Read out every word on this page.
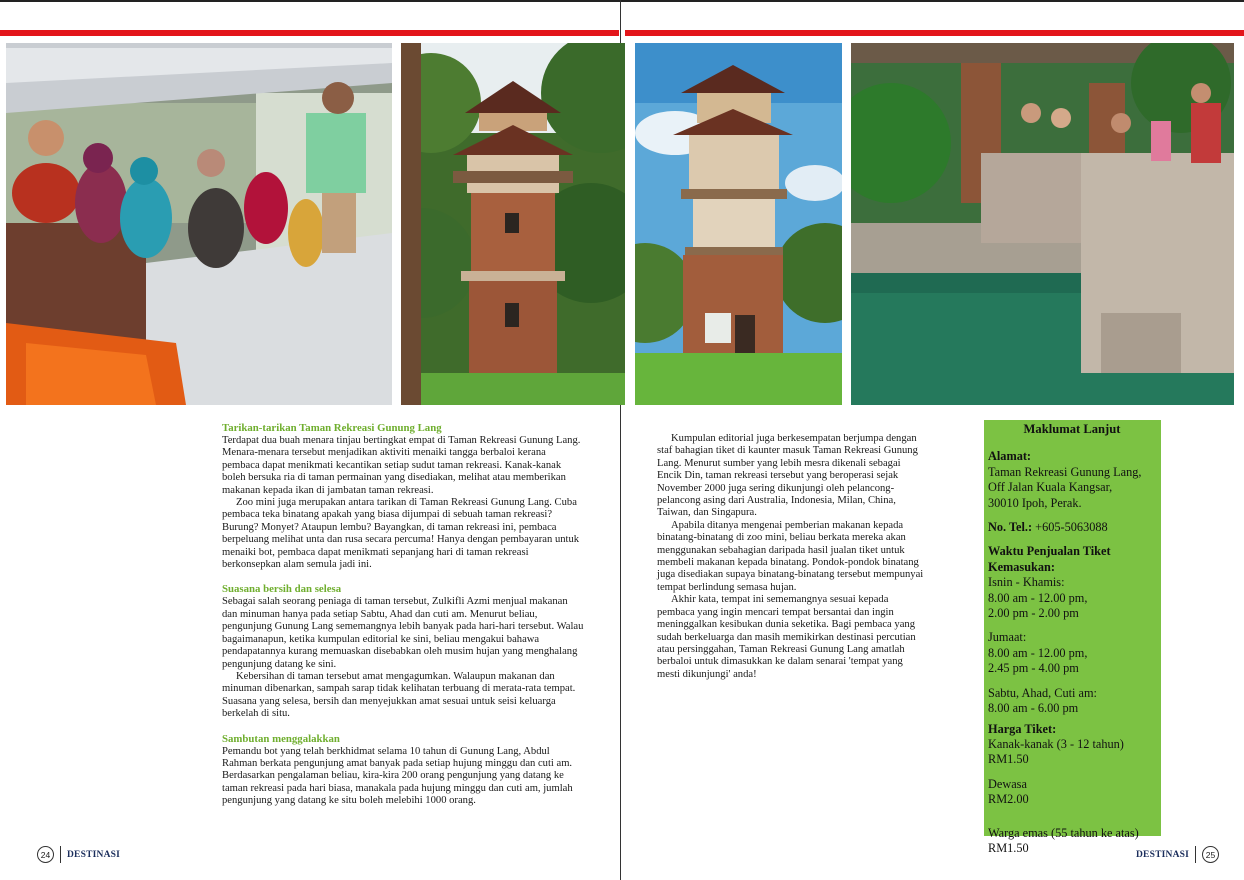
Tarikan-tarikan Taman Rekreasi Gunung Lang

Terdapat dua buah menara tinjau bertingkat empat di Taman Rekreasi Gunung Lang. Menara-menara tersebut menjadikan aktiviti menaiki tangga berbaloi kerana pembaca dapat menikmati kecantikan setiap sudut taman rekreasi. Kanak-kanak boleh bersuka ria di taman permainan yang disediakan, melihat atau memberikan makanan kepada ikan di jambatan taman rekreasi.

Zoo mini juga merupakan antara tarikan di Taman Rekreasi Gunung Lang. Cuba pembaca teka binatang apakah yang biasa dijumpai di sebuah taman rekreasi? Burung? Monyet? Ataupun lembu? Bayangkan, di taman rekreasi ini, pembaca berpeluang melihat unta dan rusa secara percuma! Hanya dengan pembayaran untuk menaiki bot, pembaca dapat menikmati sepanjang hari di taman rekreasi berkonsepkan alam semula jadi ini.

Suasana bersih dan selesa

Sebagai salah seorang peniaga di taman tersebut, Zulkifli Azmi menjual makanan dan minuman hanya pada setiap Sabtu, Ahad dan cuti am. Menurut beliau, pengunjung Gunung Lang sememangnya lebih banyak pada hari-hari tersebut. Walau bagaimanapun, ketika kumpulan editorial ke sini, beliau mengakui bahawa pendapatannya kurang memuaskan disebabkan oleh musim hujan yang menghalang pengunjung datang ke sini.

Kebersihan di taman tersebut amat mengagumkan. Walaupun makanan dan minuman dibenarkan, sampah sarap tidak kelihatan terbuang di merata-rata tempat. Suasana yang selesa, bersih dan menyejukkan amat sesuai untuk seisi keluarga berkelah di situ.

Sambutan menggalakkan

Pemandu bot yang telah berkhidmat selama 10 tahun di Gunung Lang, Abdul Rahman berkata pengunjung amat banyak pada setiap hujung minggu dan cuti am. Berdasarkan pengalaman beliau, kira-kira 200 orang pengunjung yang datang ke taman rekreasi pada hari biasa, manakala pada hujung minggu dan cuti am, jumlah pengunjung yang datang ke situ boleh melebihi 1000 orang.

Kumpulan editorial juga berkesempatan berjumpa dengan staf bahagian tiket di kaunter masuk Taman Rekreasi Gunung Lang. Menurut sumber yang lebih mesra dikenali sebagai Encik Din, taman rekreasi tersebut yang beroperasi sejak November 2000 juga sering dikunjungi oleh pelancong-pelancong asing dari Australia, Indonesia, Milan, China, Taiwan, dan Singapura.

Apabila ditanya mengenai pemberian makanan kepada binatang-binatang di zoo mini, beliau berkata mereka akan menggunakan sebahagian daripada hasil jualan tiket untuk membeli makanan kepada binatang. Pondok-pondok binatang juga disediakan supaya binatang-binatang tersebut mempunyai tempat berlindung semasa hujan.

Akhir kata, tempat ini sememangnya sesuai kepada pembaca yang ingin mencari tempat bersantai dan ingin meninggalkan kesibukan dunia seketika. Bagi pembaca yang sudah berkeluarga dan masih memikirkan destinasi percutian atau persinggahan, Taman Rekreasi Gunung Lang amatlah berbaloi untuk dimasukkan ke dalam senarai 'tempat yang mesti dikunjungi' anda!

Maklumat Lanjut

Alamat:

Taman Rekreasi Gunung Lang,

Off Jalan Kuala Kangsar,

30010 Ipoh, Perak.

No. Tel.: +605-5063088

Waktu Penjualan Tiket

Kemasukan:

Isnin - Khamis:

8.00 am - 12.00 pm,

2.00 pm - 2.00 pm

Jumaat:

8.00 am - 12.00 pm,

2.45 pm - 4.00 pm

Sabtu, Ahad, Cuti am:

8.00 am - 6.00 pm

Harga Tiket:

Kanak-kanak (3 - 12 tahun)

RM1.50

Dewasa

RM2.00

Warga emas (55 tahun ke atas)

RM1.50

24	DESTINASI	DESTINASI	25
